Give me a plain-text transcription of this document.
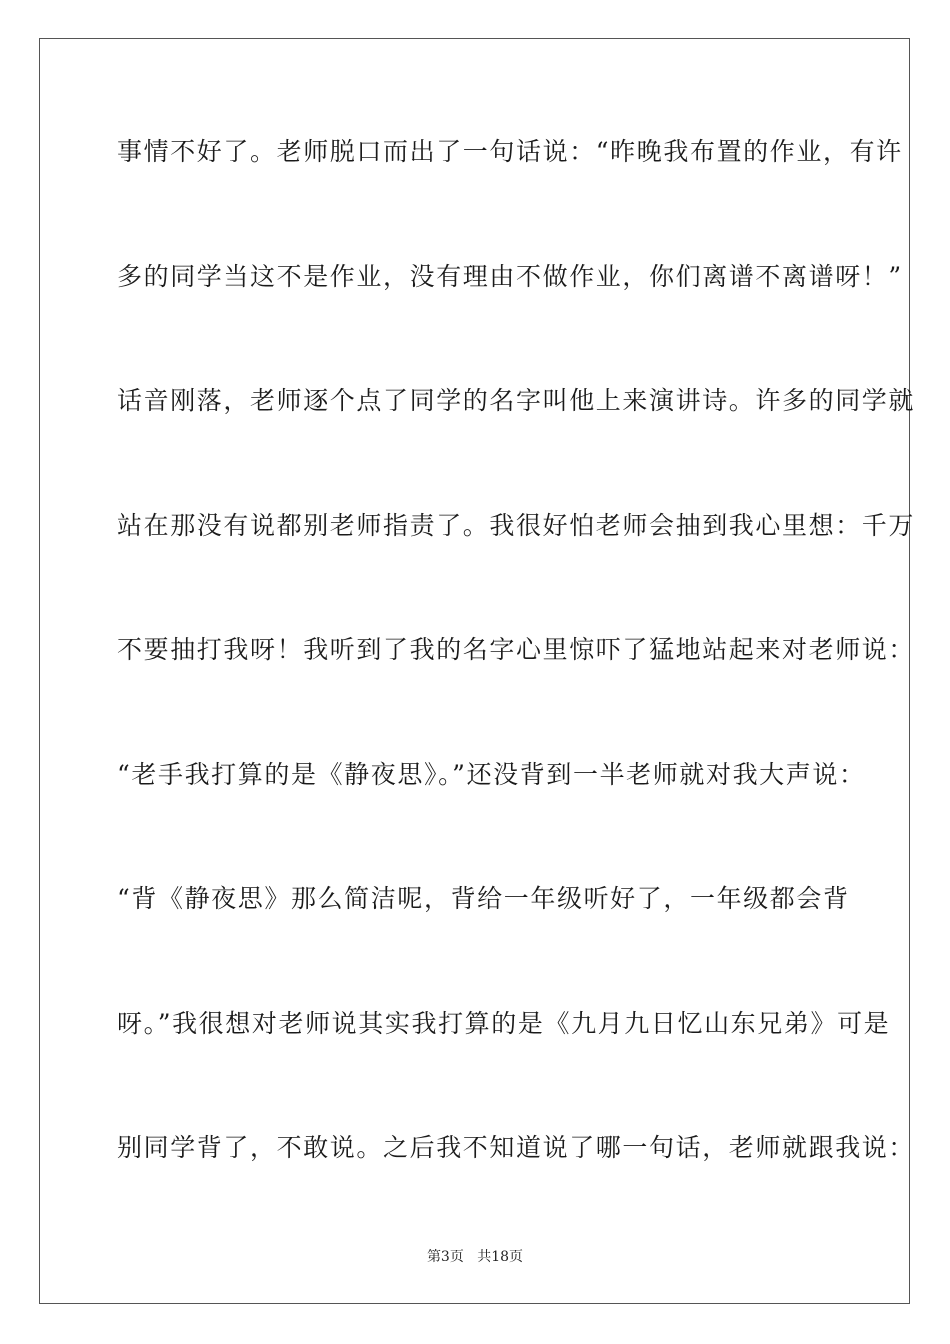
事情不好了。老师脱口而出了一句话说：“昨晚我布置的作业，有许
多的同学当这不是作业，没有理由不做作业，你们离谱不离谱呀！”
话音刚落，老师逐个点了同学的名字叫他上来演讲诗。许多的同学就
站在那没有说都别老师指责了。我很好怕老师会抽到我心里想：千万
不要抽打我呀！我听到了我的名字心里惊吓了猛地站起来对老师说：
“老手我打算的是《静夜思》。”还没背到一半老师就对我大声说：
“背《静夜思》那么简洁呢，背给一年级听好了，一年级都会背
呀。”我很想对老师说其实我打算的是《九月九日忆山东兄弟》可是
别同学背了，不敢说。之后我不知道说了哪一句话，老师就跟我说：
第3页 共18页
